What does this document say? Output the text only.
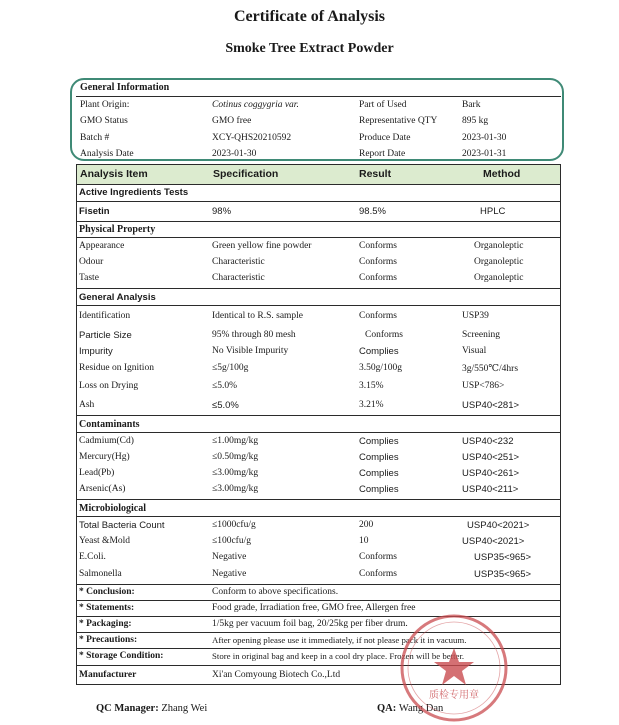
Certificate of Analysis
Smoke Tree Extract Powder
General Information
Plant Origin:	Cotinus coggygria var.	Part of Used	Bark
GMO Status	GMO free	Representative QTY	895 kg
Batch #	XCY-QHS20210592	Produce Date	2023-01-30
Analysis Date	2023-01-30	Report Date	2023-01-31
Analysis Item	Specification	Result	Method
Active Ingredients Tests
Fisetin	98%	98.5%	HPLC
Physical Property
Appearance	Green yellow fine powder	Conforms	Organoleptic
Odour	Characteristic	Conforms	Organoleptic
Taste	Characteristic	Conforms	Organoleptic
General Analysis
Identification	Identical to R.S. sample	Conforms	USP39
Particle Size	95% through 80 mesh	Conforms	Screening
Impurity	No Visible Impurity	Complies	Visual
Residue on Ignition	≤5g/100g	3.50g/100g	3g/550℃/4hrs
Loss on Drying	≤5.0%	3.15%	USP<786>
Ash	≤5.0%	3.21%	USP40<281>
Contaminants
Cadmium(Cd)	≤1.00mg/kg	Complies	USP40<232
Mercury(Hg)	≤0.50mg/kg	Complies	USP40<251>
Lead(Pb)	≤3.00mg/kg	Complies	USP40<261>
Arsenic(As)	≤3.00mg/kg	Complies	USP40<211>
Microbiological
Total Bacteria Count	≤1000cfu/g	200	USP40<2021>
Yeast &Mold	≤100cfu/g	10	USP40<2021>
E.Coli.	Negative	Conforms	USP35<965>
Salmonella	Negative	Conforms	USP35<965>
* Conclusion:	Conform to above specifications.
* Statements:	Food grade, Irradiation free, GMO free, Allergen free
* Packaging:	1/5kg per vacuum foil bag, 20/25kg per fiber drum.
* Precautions:	After opening please use it immediately, if not please pack it in vacuum.
* Storage Condition:	Store in original bag and keep in a cool dry place. Frozen will be better.
Manufacturer	Xi'an Comyoung Biotech Co.,Ltd
QC Manager: Zhang Wei	QA: Wang Dan
质检专用章
